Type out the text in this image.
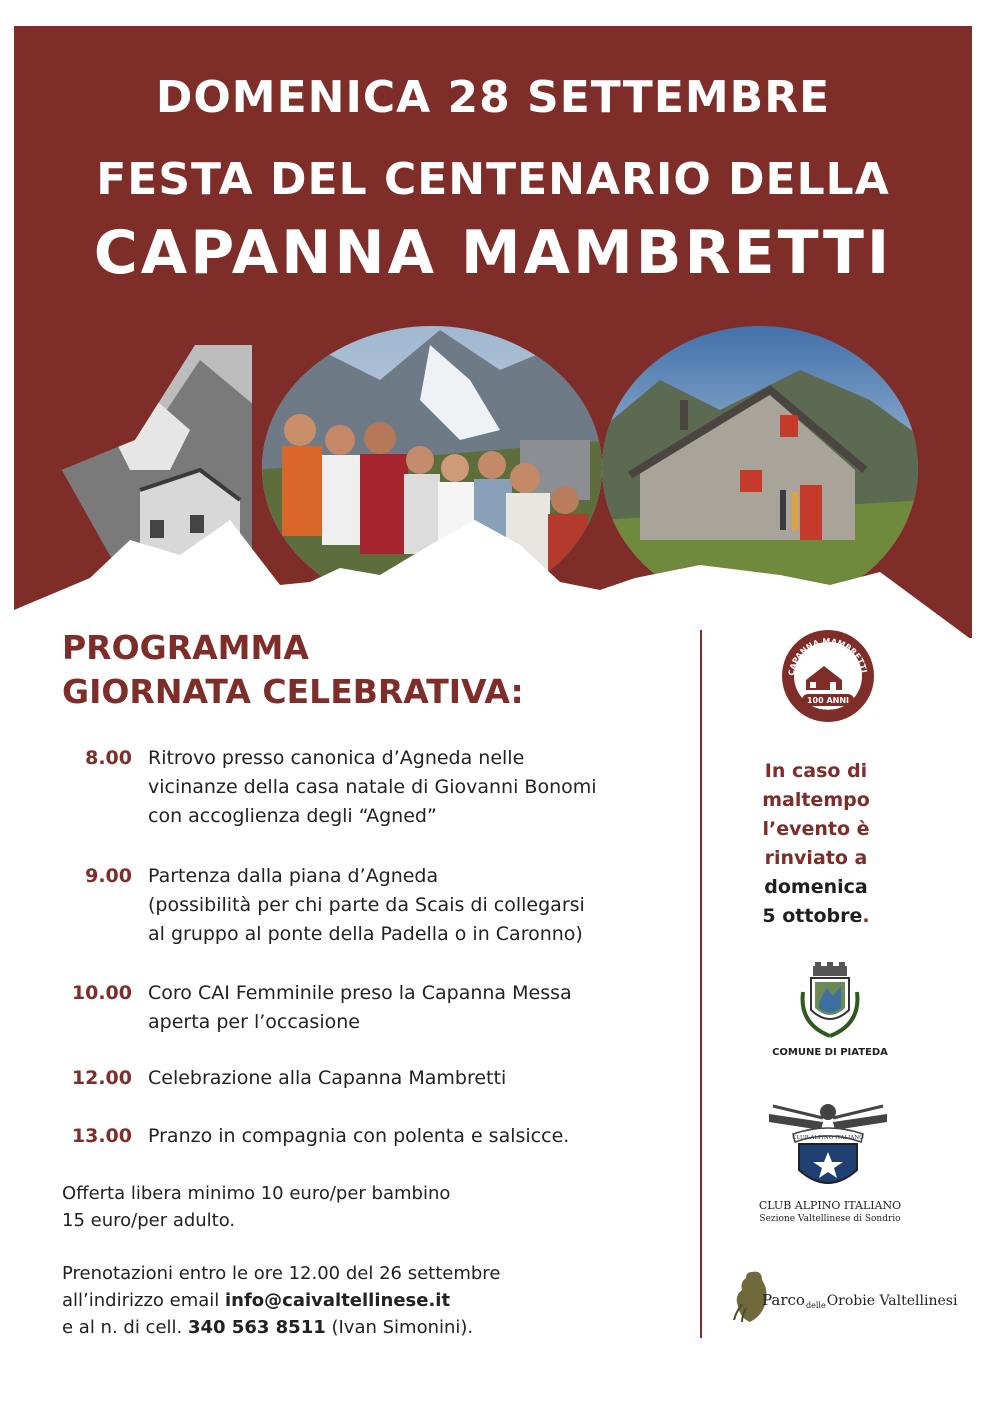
DOMENICA 28 SETTEMBRE
FESTA DEL CENTENARIO DELLA
CAPANNA MAMBRETTI
PROGRAMMA
GIORNATA CELEBRATIVA:
8.00 Ritrovo presso canonica d’Agneda nelle
vicinanze della casa natale di Giovanni Bonomi
con accoglienza degli “Agned”
9.00 Partenza dalla piana d’Agneda
(possibilità per chi parte da Scais di collegarsi
al gruppo al ponte della Padella o in Caronno)
10.00 Coro CAI Femminile preso la Capanna Messa
aperta per l’occasione
12.00 Celebrazione alla Capanna Mambretti
13.00 Pranzo in compagnia con polenta e salsicce.
Offerta libera minimo 10 euro/per bambino
15 euro/per adulto.
Prenotazioni entro le ore 12.00 del 26 settembre
all’indirizzo email info@caivaltellinese.it
e al n. di cell. 340 563 8511 (Ivan Simonini).
CAPANNA MAMBRETTI
100 ANNI
1925/2025
In caso di
maltempo
l’evento è
rinviato a
domenica
5 ottobre.
COMUNE DI PIATEDA
CLUB ALPINO ITALIANO
CLUB ALPINO ITALIANO
Sezione Valtellinese di Sondrio
ParcodelleOrobie Valtellinesi
